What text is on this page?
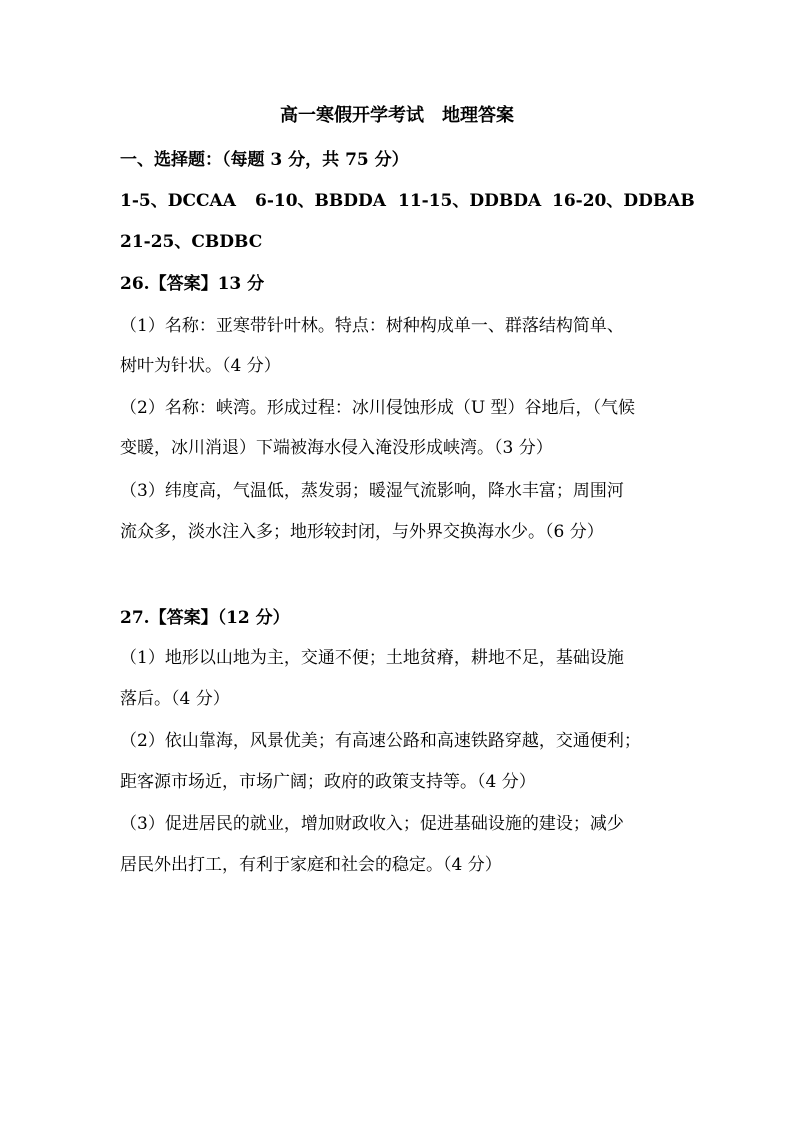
高一寒假开学考试　地理答案
一、选择题：（每题 3 分，共 75 分）
1-5、DCCAA 6-10、BBDDA 11-15、DDBDA 16-20、DDBAB
21-25、CBDBC
26.【答案】13 分
（1）名称：亚寒带针叶林。特点：树种构成单一、群落结构简单、
树叶为针状。（4 分）
（2）名称：峡湾。形成过程：冰川侵蚀形成（U 型）谷地后，（气候
变暖，冰川消退）下端被海水侵入淹没形成峡湾。（3 分）
（3）纬度高，气温低，蒸发弱；暖湿气流影响，降水丰富；周围河
流众多，淡水注入多；地形较封闭，与外界交换海水少。（6 分）
27.【答案】（12 分）
（1）地形以山地为主，交通不便；土地贫瘠，耕地不足，基础设施
落后。（4 分）
（2）依山靠海，风景优美；有高速公路和高速铁路穿越，交通便利；
距客源市场近，市场广阔；政府的政策支持等。（4 分）
（3）促进居民的就业，增加财政收入；促进基础设施的建设；减少
居民外出打工，有利于家庭和社会的稳定。（4 分）
